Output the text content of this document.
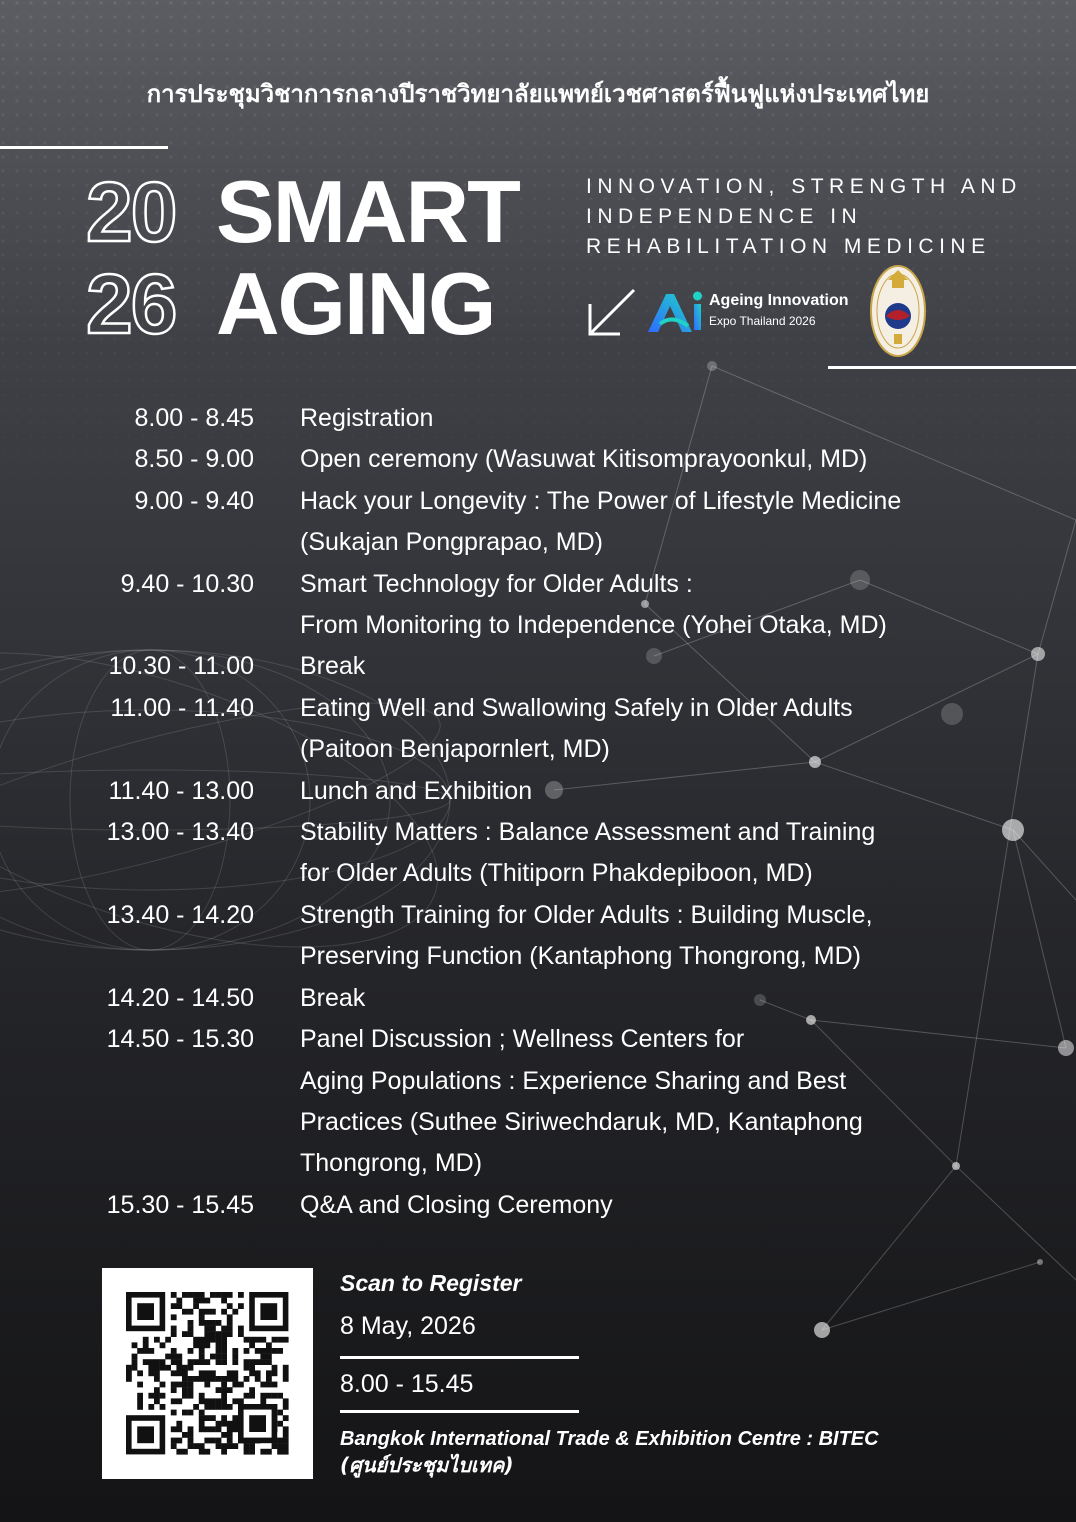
การประชุมวิชาการกลางปีราชวิทยาลัยแพทย์เวชศาสตร์ฟื้นฟูแห่งประเทศไทย
20
26
SMART
AGING
INNOVATION, STRENGTH AND
INDEPENDENCE IN
REHABILITATION MEDICINE
Ageing Innovation
Expo Thailand 2026
8.00 - 8.45 Registration
8.50 - 9.00 Open ceremony (Wasuwat Kitisomprayoonkul, MD)
9.00 - 9.40 Hack your Longevity : The Power of Lifestyle Medicine
(Sukajan Pongprapao, MD)
9.40 - 10.30 Smart Technology for Older Adults :
From Monitoring to Independence (Yohei Otaka, MD)
10.30 - 11.00 Break
11.00 - 11.40 Eating Well and Swallowing Safely in Older Adults
(Paitoon Benjapornlert, MD)
11.40 - 13.00 Lunch and Exhibition
13.00 - 13.40 Stability Matters : Balance Assessment and Training
for Older Adults (Thitiporn Phakdepiboon, MD)
13.40 - 14.20 Strength Training for Older Adults : Building Muscle,
Preserving Function (Kantaphong Thongrong, MD)
14.20 - 14.50 Break
14.50 - 15.30 Panel Discussion ; Wellness Centers for
Aging Populations : Experience Sharing and Best
Practices (Suthee Siriwechdaruk, MD, Kantaphong
Thongrong, MD)
15.30 - 15.45 Q&A and Closing Ceremony
Scan to Register
8 May, 2026
8.00 - 15.45
Bangkok International Trade & Exhibition Centre : BITEC
(ศูนย์ประชุมไบเทค)
